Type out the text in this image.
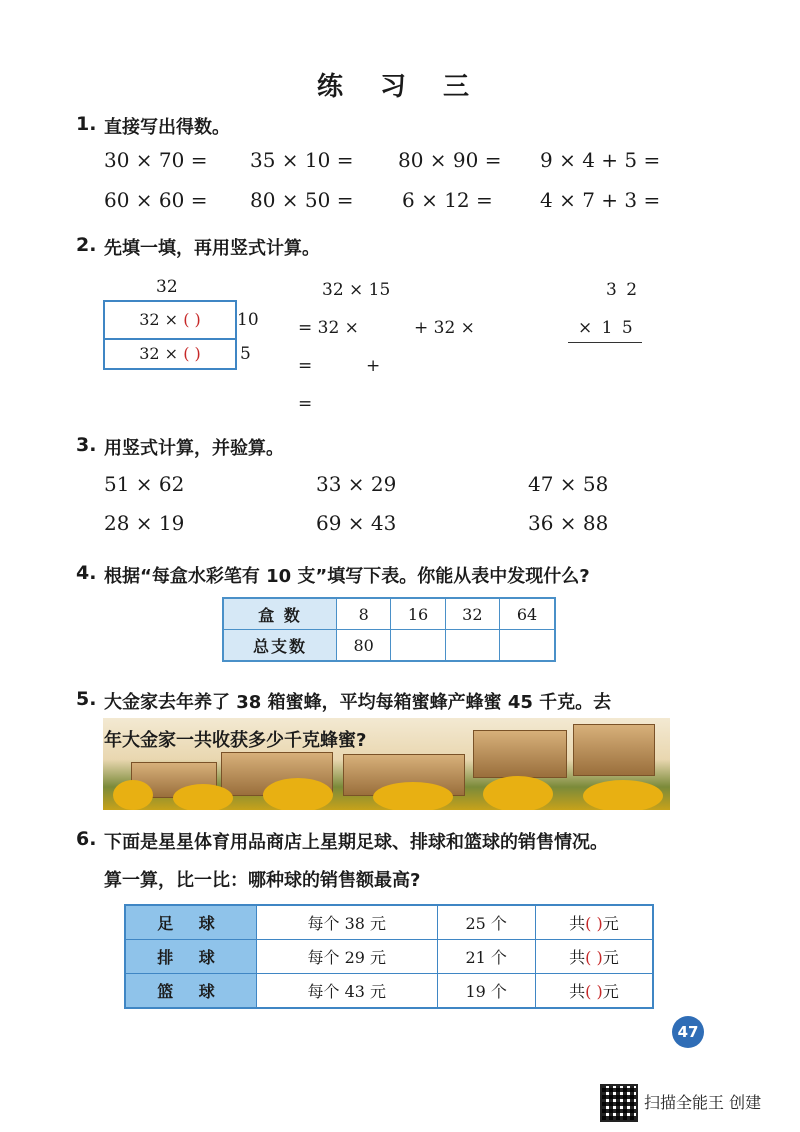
练 习 三
1. 直接写出得数。
30 × 70 = 35 × 10 = 80 × 90 = 9 × 4 + 5 =
60 × 60 = 80 × 50 = 6 × 12 = 4 × 7 + 3 =
2. 先填一填，再用竖式计算。
32
32 × ( )
32 × ( )
10
5
32 × 15
= 32 ×	+ 32 ×
=	+
=
3 2
× 1 5
3. 用竖式计算，并验算。
51 × 62	33 × 29	47 × 58
28 × 19	69 × 43	36 × 88
4. 根据“每盒水彩笔有 10 支”填写下表。你能从表中发现什么?
盒 数	8	16	32	64
总支数	80			
5. 大金家去年养了 38 箱蜜蜂，平均每箱蜜蜂产蜂蜜 45 千克。去
年大金家一共收获多少千克蜂蜜?
6. 下面是星星体育用品商店上星期足球、排球和篮球的销售情况。
算一算，比一比：哪种球的销售额最高?
足 球	每个 38 元	25 个	共( )元
排 球	每个 29 元	21 个	共( )元
篮 球	每个 43 元	19 个	共( )元
47
扫描全能王 创建
